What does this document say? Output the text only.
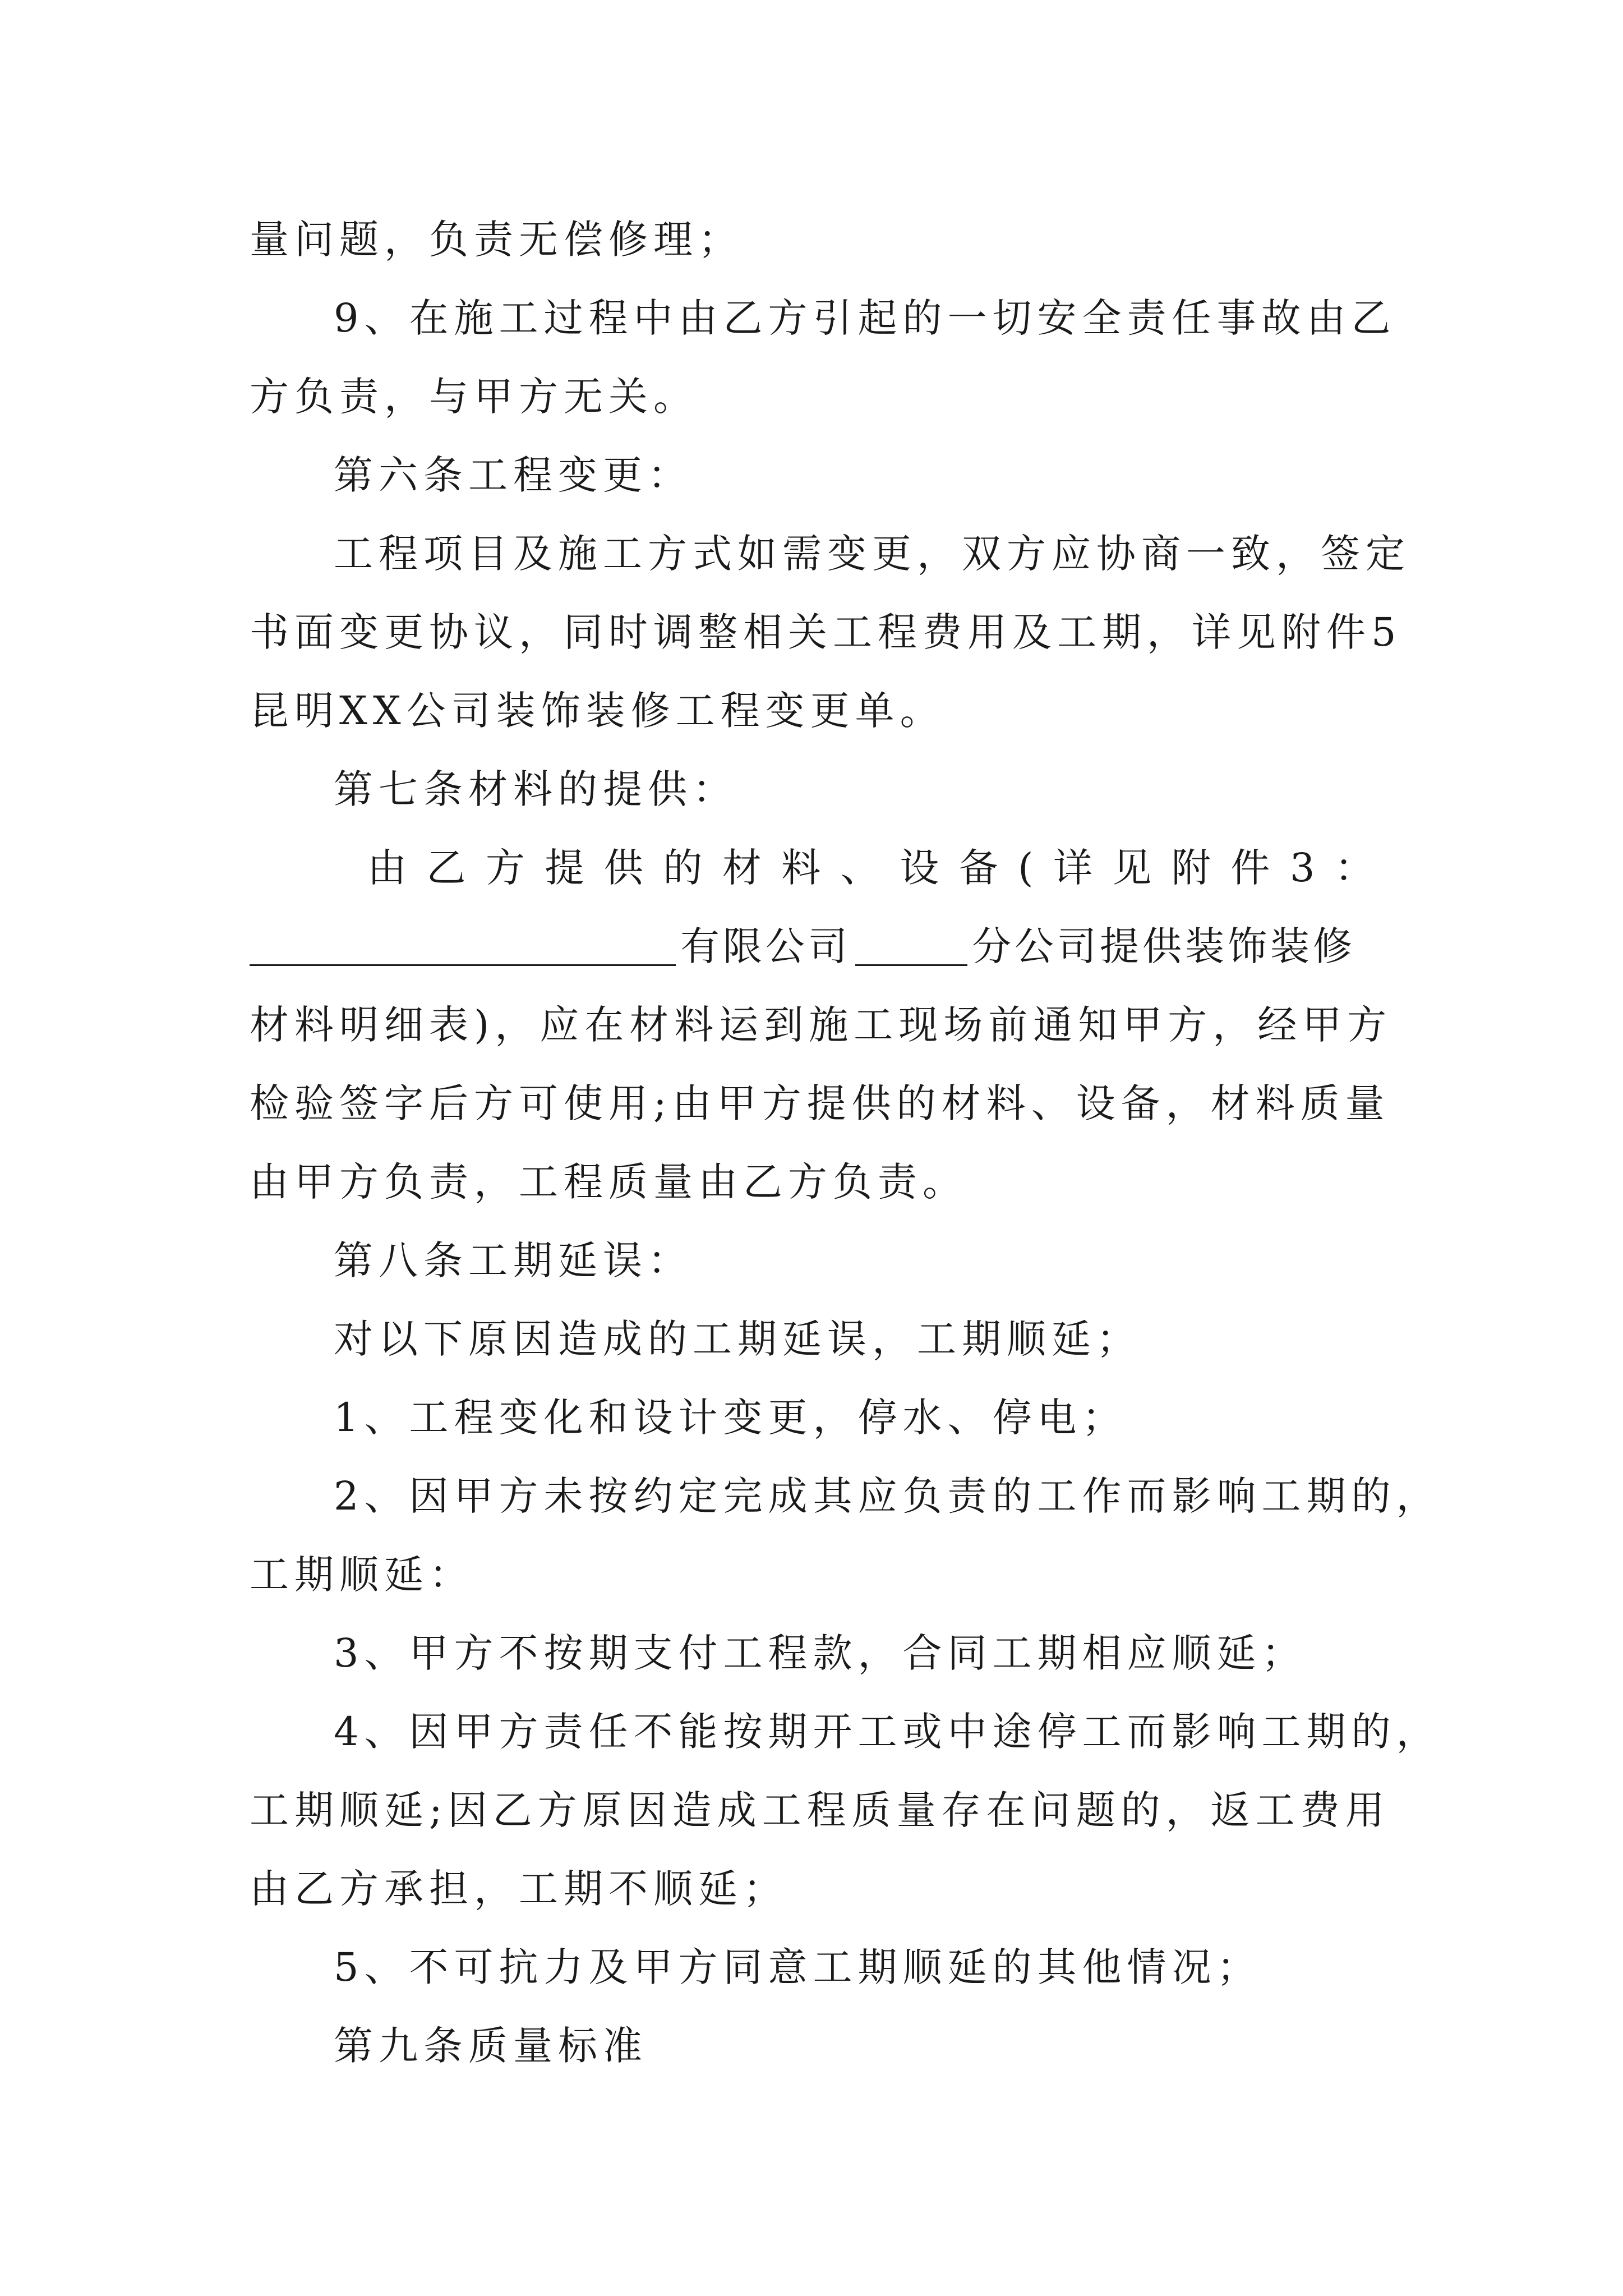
量问题，负责无偿修理；
9、在施工过程中由乙方引起的一切安全责任事故由乙
方负责，与甲方无关。
第六条工程变更：
工程项目及施工方式如需变更，双方应协商一致，签定
书面变更协议，同时调整相关工程费用及工期，详见附件5
昆明XX公司装饰装修工程变更单。
第七条材料的提供：
由 乙 方 提 供 的 材 料 、 设 备 ( 详 见 附 件 3 ：
有限公司	分公司提供装饰装修
材料明细表)，应在材料运到施工现场前通知甲方，经甲方
检验签字后方可使用;由甲方提供的材料、设备，材料质量
由甲方负责，工程质量由乙方负责。
第八条工期延误：
对以下原因造成的工期延误，工期顺延；
1、工程变化和设计变更，停水、停电；
2、因甲方未按约定完成其应负责的工作而影响工期的，
工期顺延：
3、甲方不按期支付工程款，合同工期相应顺延；
4、因甲方责任不能按期开工或中途停工而影响工期的，
工期顺延;因乙方原因造成工程质量存在问题的，返工费用
由乙方承担，工期不顺延；
5、不可抗力及甲方同意工期顺延的其他情况；
第九条质量标准
